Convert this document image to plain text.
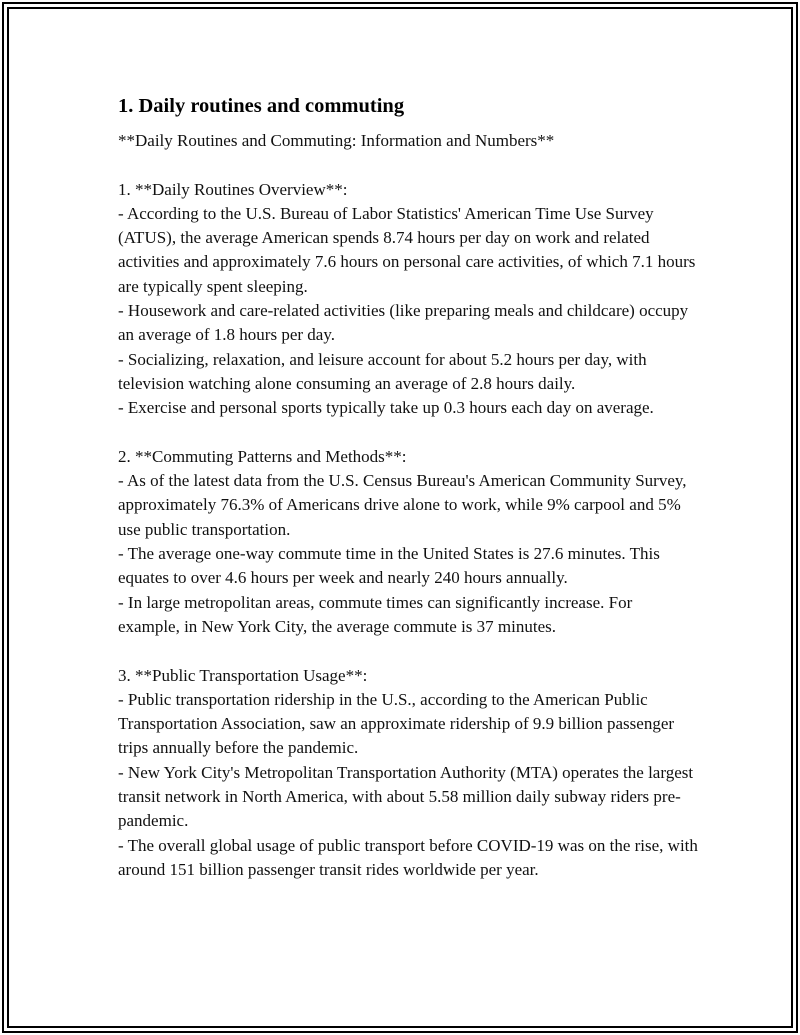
1. Daily routines and commuting

**Daily Routines and Commuting: Information and Numbers**

1. **Daily Routines Overview**:

- According to the U.S. Bureau of Labor Statistics' American Time Use Survey (ATUS), the average American spends 8.74 hours per day on work and related activities and approximately 7.6 hours on personal care activities, of which 7.1 hours are typically spent sleeping.

- Housework and care-related activities (like preparing meals and childcare) occupy an average of 1.8 hours per day.

- Socializing, relaxation, and leisure account for about 5.2 hours per day, with television watching alone consuming an average of 2.8 hours daily.

- Exercise and personal sports typically take up 0.3 hours each day on average.

2. **Commuting Patterns and Methods**:

- As of the latest data from the U.S. Census Bureau's American Community Survey, approximately 76.3% of Americans drive alone to work, while 9% carpool and 5% use public transportation.

- The average one-way commute time in the United States is 27.6 minutes. This equates to over 4.6 hours per week and nearly 240 hours annually.

- In large metropolitan areas, commute times can significantly increase. For example, in New York City, the average commute is 37 minutes.

3. **Public Transportation Usage**:

- Public transportation ridership in the U.S., according to the American Public Transportation Association, saw an approximate ridership of 9.9 billion passenger trips annually before the pandemic.

- New York City's Metropolitan Transportation Authority (MTA) operates the largest transit network in North America, with about 5.58 million daily subway riders pre-pandemic.

- The overall global usage of public transport before COVID-19 was on the rise, with around 151 billion passenger transit rides worldwide per year.
